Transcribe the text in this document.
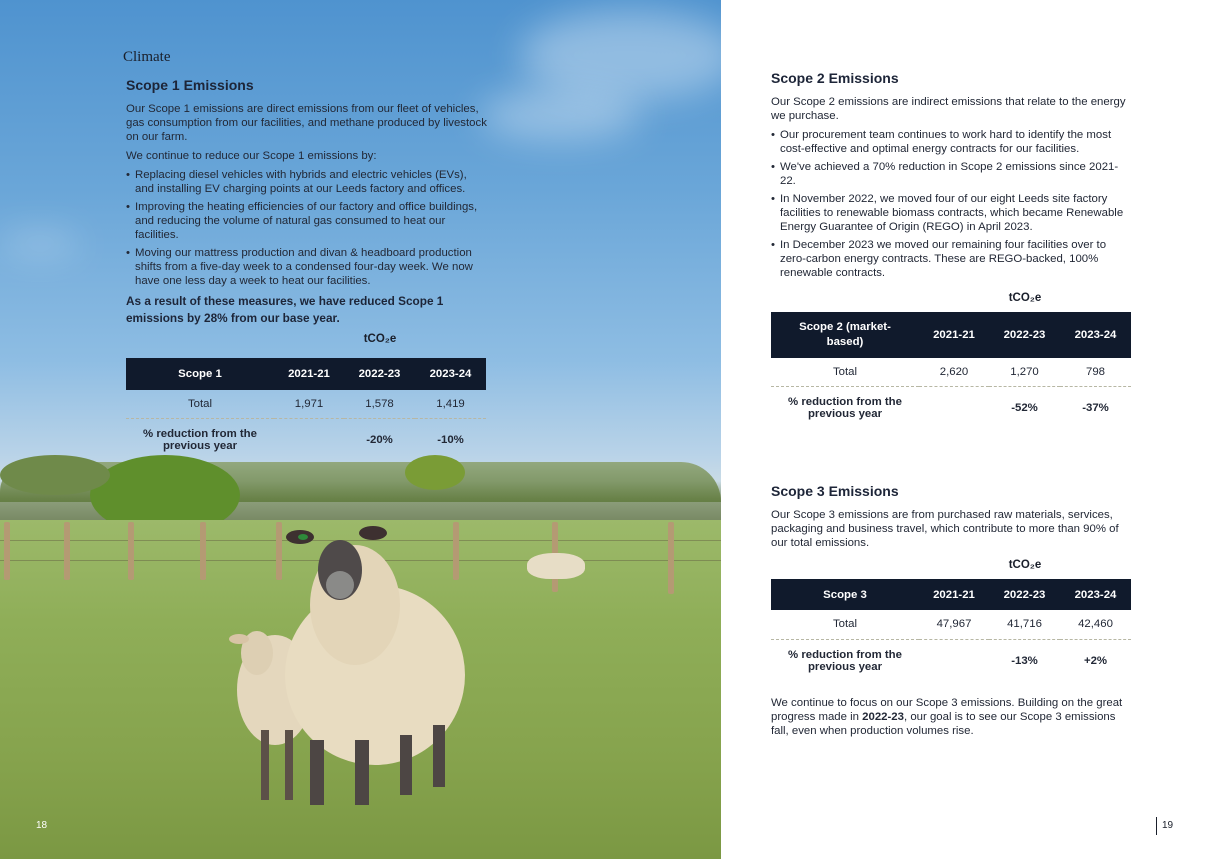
Climate
Scope 1 Emissions

Our Scope 1 emissions are direct emissions from our fleet of vehicles, gas consumption from our facilities, and methane produced by livestock on our farm.

We continue to reduce our Scope 1 emissions by:

• Replacing diesel vehicles with hybrids and electric vehicles (EVs), and installing EV charging points at our Leeds factory and offices.
• Improving the heating efficiencies of our factory and office buildings, and reducing the volume of natural gas consumed to heat our facilities.
• Moving our mattress production and divan & headboard production shifts from a five-day week to a condensed four-day week. We now have one less day a week to heat our facilities.
As a result of these measures, we have reduced Scope 1 emissions by 28% from our base year.
tCO₂e
Scope 1	2021-21	2022-23	2023-24
Total	1,971	1,578	1,419
% reduction from the previous year		-20%	-10%
18
Scope 2 Emissions

Our Scope 2 emissions are indirect emissions that relate to the energy we purchase.

• Our procurement team continues to work hard to identify the most cost-effective and optimal energy contracts for our facilities.
• We've achieved a 70% reduction in Scope 2 emissions since 2021-22.
• In November 2022, we moved four of our eight Leeds site factory facilities to renewable biomass contracts, which became Renewable Energy Guarantee of Origin (REGO) in April 2023.
• In December 2023 we moved our remaining four facilities over to zero-carbon energy contracts. These are REGO-backed, 100% renewable contracts.
tCO₂e
Scope 2 (market-based)	2021-21	2022-23	2023-24
Total	2,620	1,270	798
% reduction from the previous year		-52%	-37%
Scope 3 Emissions

Our Scope 3 emissions are from purchased raw materials, services, packaging and business travel, which contribute to more than 90% of our total emissions.

tCO₂e
Scope 3	2021-21	2022-23	2023-24
Total	47,967	41,716	42,460
% reduction from the previous year		-13%	+2%
We continue to focus on our Scope 3 emissions. Building on the great progress made in 2022-23, our goal is to see our Scope 3 emissions fall, even when production volumes rise.
19
